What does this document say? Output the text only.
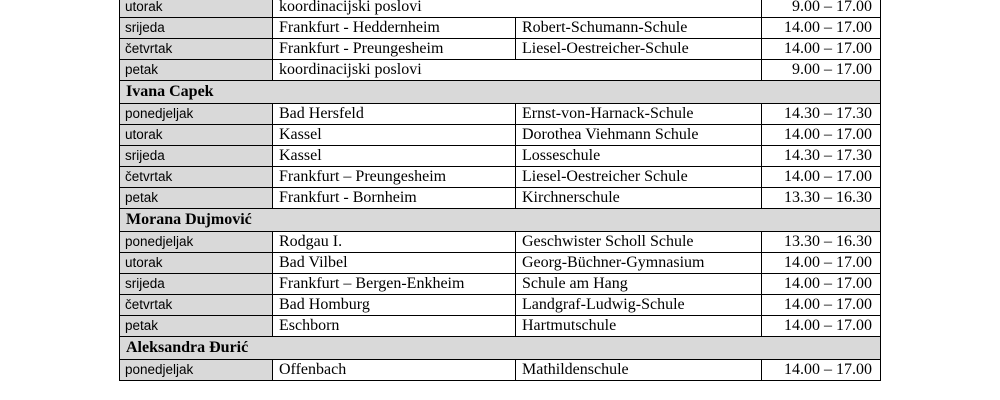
utorak	koordinacijski poslovi		9.00 – 17.00
srijeda	Frankfurt - Heddernheim	Robert-Schumann-Schule	14.00 – 17.00
četvrtak	Frankfurt - Preungesheim	Liesel-Oestreicher-Schule	14.00 – 17.00
petak	koordinacijski poslovi		9.00 – 17.00
Ivana Capek			
ponedjeljak	Bad Hersfeld	Ernst-von-Harnack-Schule	14.30 – 17.30
utorak	Kassel	Dorothea Viehmann Schule	14.00 – 17.00
srijeda	Kassel	Losseschule	14.30 – 17.30
četvrtak	Frankfurt – Preungesheim	Liesel-Oestreicher Schule	14.00 – 17.00
petak	Frankfurt - Bornheim	Kirchnerschule	13.30 – 16.30
Morana Dujmović			
ponedjeljak	Rodgau I.	Geschwister Scholl Schule	13.30 – 16.30
utorak	Bad Vilbel	Georg-Büchner-Gymnasium	14.00 – 17.00
srijeda	Frankfurt – Bergen-Enkheim	Schule am Hang	14.00 – 17.00
četvrtak	Bad Homburg	Landgraf-Ludwig-Schule	14.00 – 17.00
petak	Eschborn	Hartmutschule	14.00 – 17.00
Aleksandra Đurić			
ponedjeljak	Offenbach	Mathildenschule	14.00 – 17.00
